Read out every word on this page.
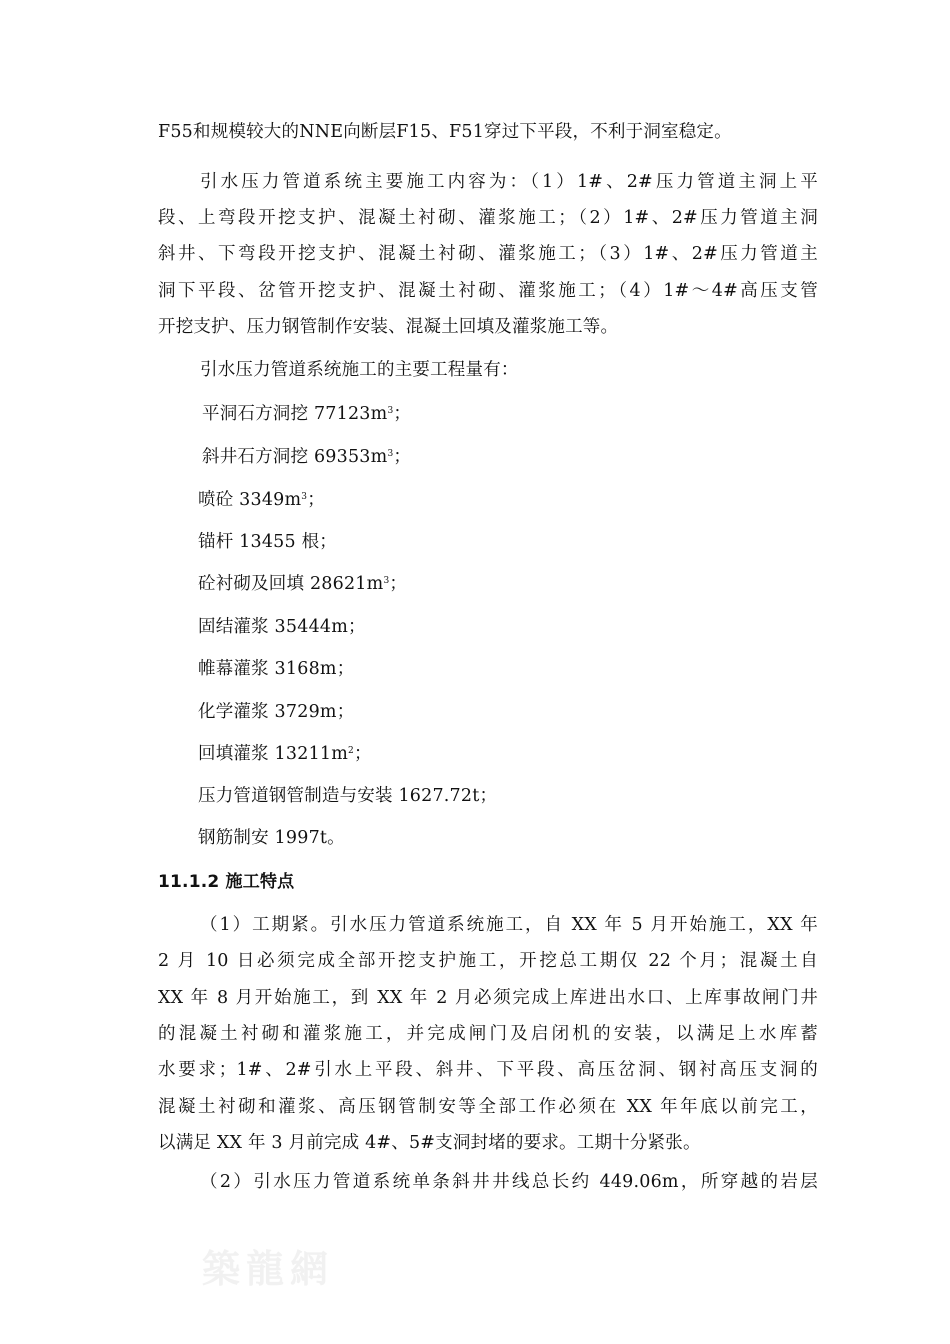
F55和规模较大的NNE向断层F15、F51穿过下平段，不利于洞室稳定。
引水压力管道系统主要施工内容为：（1）1#、2#压力管道主洞上平
段、上弯段开挖支护、混凝土衬砌、灌浆施工；（2）1#、2#压力管道主洞
斜井、下弯段开挖支护、混凝土衬砌、灌浆施工；（3）1#、2#压力管道主
洞下平段、岔管开挖支护、混凝土衬砌、灌浆施工；（4）1#～4#高压支管
开挖支护、压力钢管制作安装、混凝土回填及灌浆施工等。
引水压力管道系统施工的主要工程量有：
平洞石方洞挖 $77123m^3$；
斜井石方洞挖 $69353m^3$；
喷砼 $3349m^3$；
锚杆 13455 根；
砼衬砌及回填 $28621m^3$；
固结灌浆 35444m；
帷幕灌浆 3168m；
化学灌浆 3729m；
回填灌浆 $13211m^2$；
压力管道钢管制造与安装 1627.72t；
钢筋制安 1997t。
11.1.2 施工特点
（1）工期紧。引水压力管道系统施工，自 XX 年 5 月开始施工，XX 年
2 月 10 日必须完成全部开挖支护施工，开挖总工期仅 22 个月；混凝土自
XX 年 8 月开始施工，到 XX 年 2 月必须完成上库进出水口、上库事故闸门井
的混凝土衬砌和灌浆施工，并完成闸门及启闭机的安装，以满足上水库蓄
水要求；1#、2#引水上平段、斜井、下平段、高压岔洞、钢衬高压支洞的
混凝土衬砌和灌浆、高压钢管制安等全部工作必须在 XX 年年底以前完工，
以满足 XX 年 3 月前完成 4#、5#支洞封堵的要求。工期十分紧张。
（2）引水压力管道系统单条斜井井线总长约 449.06m，所穿越的岩层
築龍網
